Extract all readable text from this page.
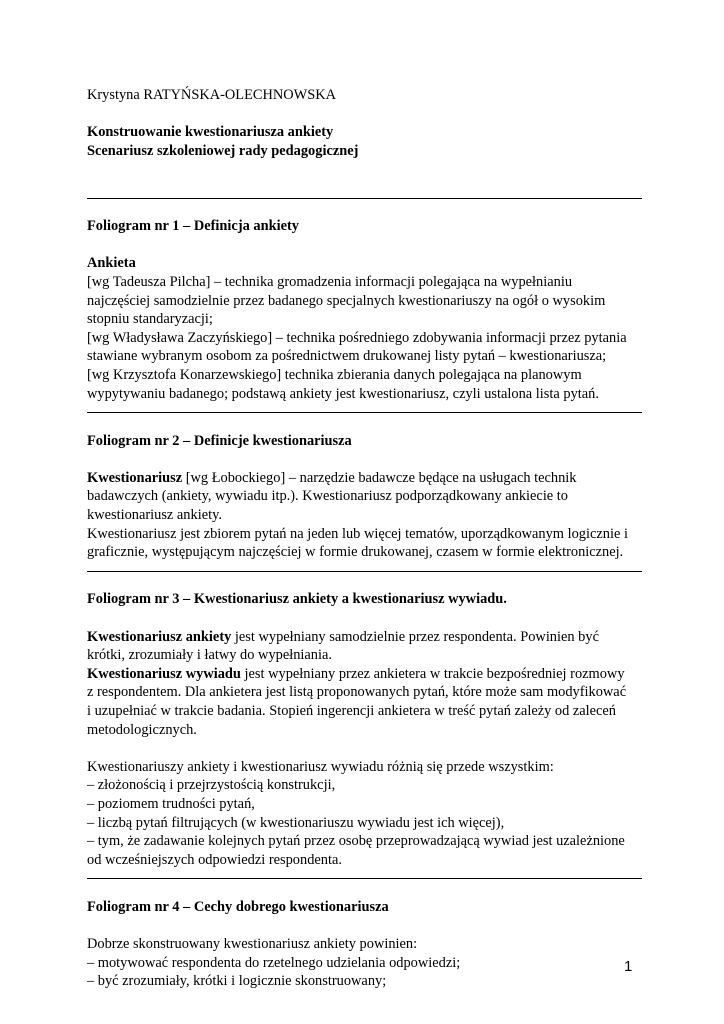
Krystyna RATYŃSKA-OLECHNOWSKA

Konstruowanie kwestionariusza ankiety

Scenariusz szkoleniowej rady pedagogicznej

Foliogram nr 1 – Definicja ankiety

Ankieta

[wg Tadeusza Pilcha] – technika gromadzenia informacji polegająca na wypełnianiu

najczęściej samodzielnie przez badanego specjalnych kwestionariuszy na ogół o wysokim

stopniu standaryzacji;

[wg Władysława Zaczyńskiego] – technika pośredniego zdobywania informacji przez pytania

stawiane wybranym osobom za pośrednictwem drukowanej listy pytań – kwestionariusza;

[wg Krzysztofa Konarzewskiego] technika zbierania danych polegająca na planowym

wypytywaniu badanego; podstawą ankiety jest kwestionariusz, czyli ustalona lista pytań.

Foliogram nr 2 – Definicje kwestionariusza

Kwestionariusz [wg Łobockiego] – narzędzie badawcze będące na usługach technik

badawczych (ankiety, wywiadu itp.). Kwestionariusz podporządkowany ankiecie to

kwestionariusz ankiety.

Kwestionariusz jest zbiorem pytań na jeden lub więcej tematów, uporządkowanym logicznie i

graficznie, występującym najczęściej w formie drukowanej, czasem w formie elektronicznej.

Foliogram nr 3 – Kwestionariusz ankiety a kwestionariusz wywiadu.

Kwestionariusz ankiety jest wypełniany samodzielnie przez respondenta. Powinien być

krótki, zrozumiały i łatwy do wypełniania.

Kwestionariusz wywiadu jest wypełniany przez ankietera w trakcie bezpośredniej rozmowy

z respondentem. Dla ankietera jest listą proponowanych pytań, które może sam modyfikować

i uzupełniać w trakcie badania. Stopień ingerencji ankietera w treść pytań zależy od zaleceń

metodologicznych.

Kwestionariuszy ankiety i kwestionariusz wywiadu różnią się przede wszystkim:

– złożonością i przejrzystością konstrukcji,

– poziomem trudności pytań,

– liczbą pytań filtrujących (w kwestionariuszu wywiadu jest ich więcej),

– tym, że zadawanie kolejnych pytań przez osobę przeprowadzającą wywiad jest uzależnione

od wcześniejszych odpowiedzi respondenta.

Foliogram nr 4 – Cechy dobrego kwestionariusza

Dobrze skonstruowany kwestionariusz ankiety powinien:

– motywować respondenta do rzetelnego udzielania odpowiedzi;

– być zrozumiały, krótki i logicznie skonstruowany;

1
